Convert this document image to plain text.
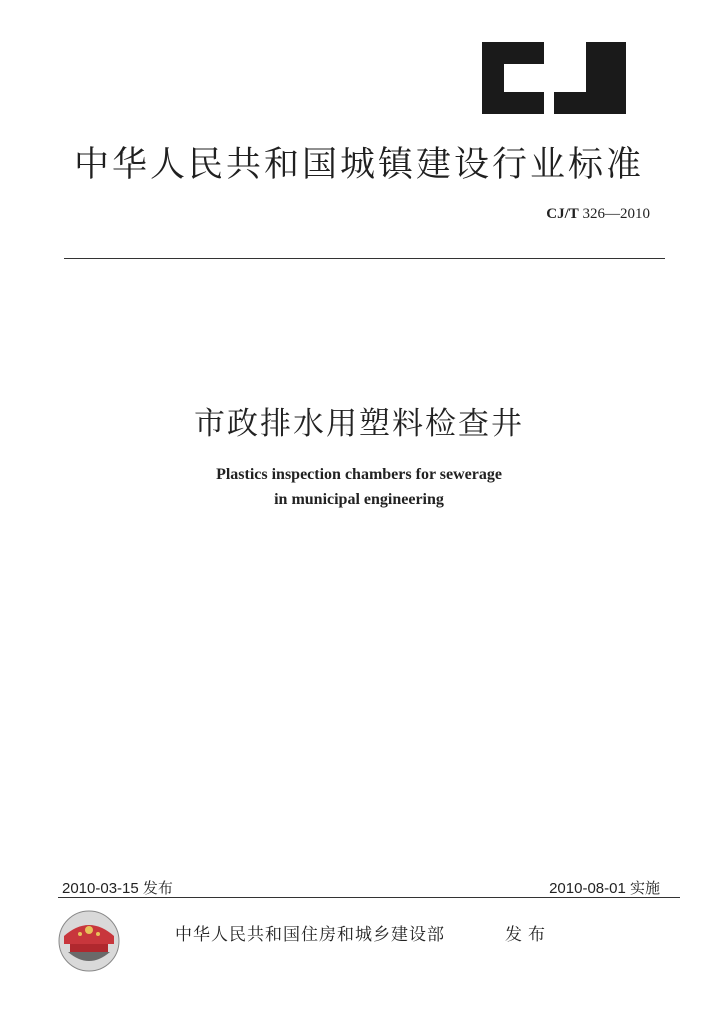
中华人民共和国城镇建设行业标准
CJ/T 326—2010
市政排水用塑料检查井
Plastics inspection chambers for sewerage
in municipal engineering
2010-03-15 发布	2010-08-01 实施
中华人民共和国住房和城乡建设部	发布
